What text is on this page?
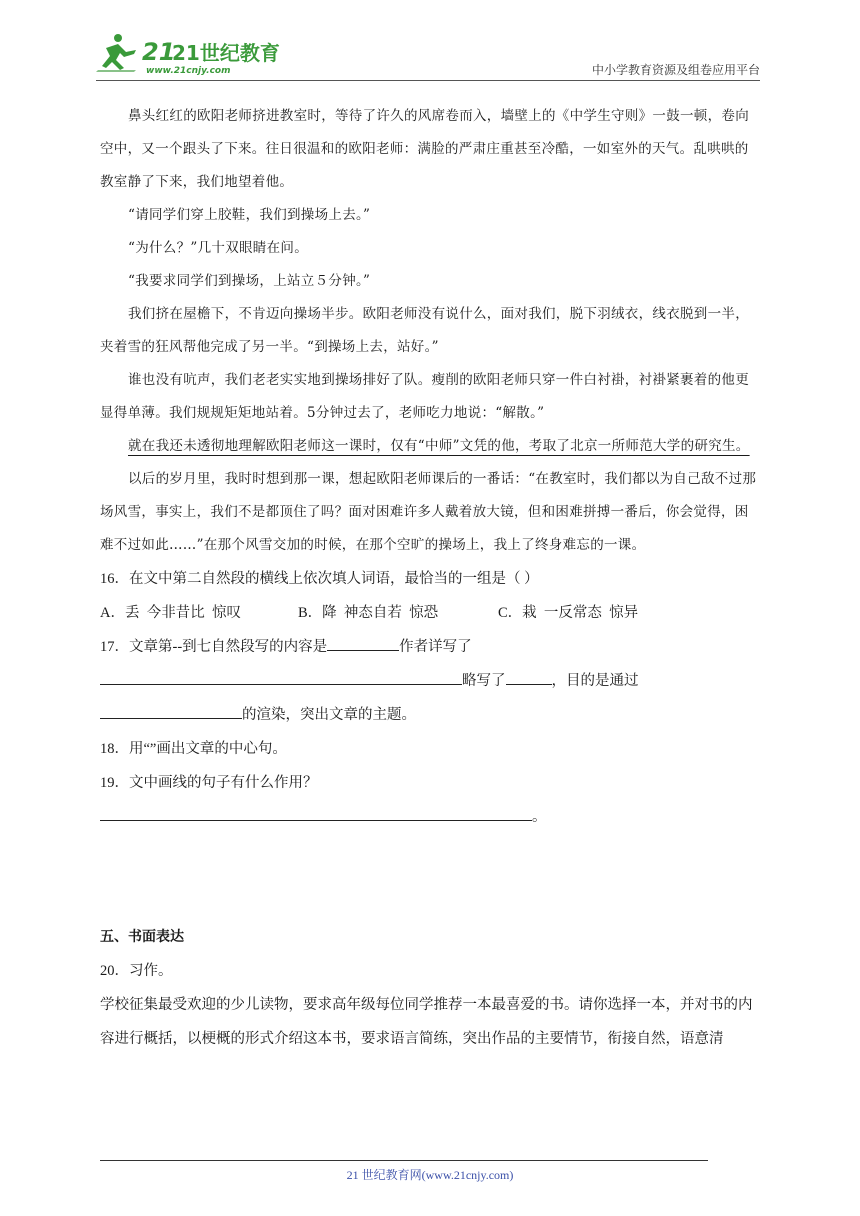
21
21世纪教育
www.21cnjy.com	中小学教育资源及组卷应用平台

鼻头红红的欧阳老师挤进教室时，等待了许久的风席卷而入，墙壁上的《中学生守则》一鼓一顿，卷向空中，又一个跟头了下来。往日很温和的欧阳老师：满脸的严肃庄重甚至冷酷，一如室外的天气。乱哄哄的教室静了下来，我们地望着他。

“请同学们穿上胶鞋，我们到操场上去。”

“为什么？”几十双眼睛在问。

“我要求同学们到操场，上站立５分钟。”

我们挤在屋檐下，不肯迈向操场半步。欧阳老师没有说什么，面对我们，脱下羽绒衣，线衣脱到一半，夹着雪的狂风帮他完成了另一半。“到操场上去，站好。”

谁也没有吭声，我们老老实实地到操场排好了队。瘦削的欧阳老师只穿一件白衬褂，衬褂紧裹着的他更显得单薄。我们规规矩矩地站着。5分钟过去了，老师吃力地说：“解散。”

就在我还未透彻地理解欧阳老师这一课时，仅有“中师”文凭的他，考取了北京一所师范大学的研究生。

以后的岁月里，我时时想到那一课，想起欧阳老师课后的一番话：“在教室时，我们都以为自己敌不过那场风雪，事实上，我们不是都顶住了吗？面对困难许多人戴着放大镜，但和困难拼搏一番后，你会觉得，困难不过如此……”在那个风雪交加的时候，在那个空旷的操场上，我上了终身难忘的一课。

16．在文中第二自然段的横线上依次填人词语，最恰当的一组是（ ）

A．丢  今非昔比  惊叹	B．降  神态自若  惊恐	C．栽  一反常态  惊异

17．文章第--到七自然段写的内容是	作者详写了

略写了	，目的是通过

的渲染，突出文章的主题。

18．用“”画出文章的中心句。

19．文中画线的句子有什么作用？

。

五、书面表达

20．习作。

学校征集最受欢迎的少儿读物，要求高年级每位同学推荐一本最喜爱的书。请你选择一本，并对书的内容进行概括，以梗概的形式介绍这本书，要求语言简练，突出作品的主要情节，衔接自然，语意清

21 世纪教育网(www.21cnjy.com)
